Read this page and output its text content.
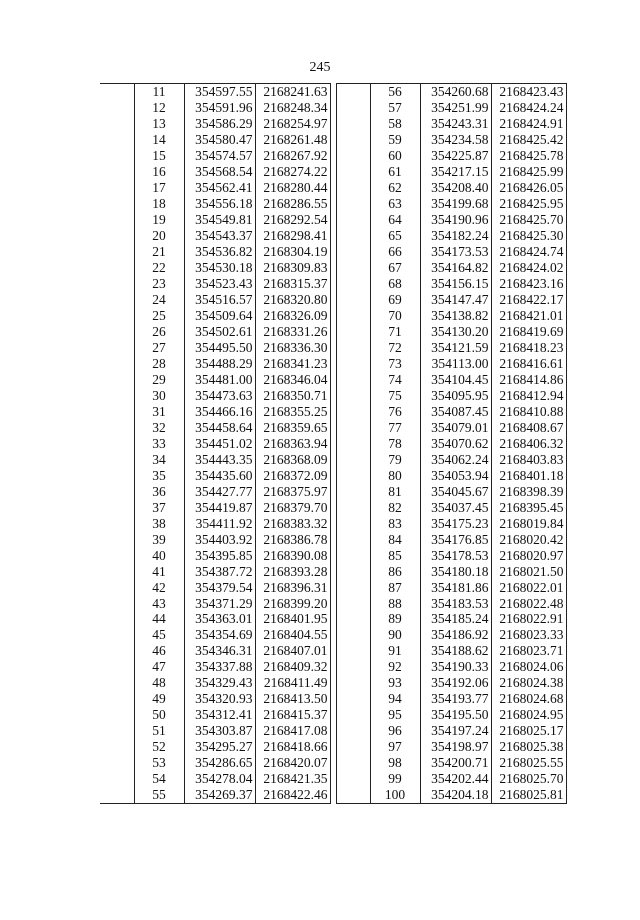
245
	11	354597.55	2168241.63			56	354260.68	2168423.43
	12	354591.96	2168248.34			57	354251.99	2168424.24
	13	354586.29	2168254.97			58	354243.31	2168424.91
	14	354580.47	2168261.48			59	354234.58	2168425.42
	15	354574.57	2168267.92			60	354225.87	2168425.78
	16	354568.54	2168274.22			61	354217.15	2168425.99
	17	354562.41	2168280.44			62	354208.40	2168426.05
	18	354556.18	2168286.55			63	354199.68	2168425.95
	19	354549.81	2168292.54			64	354190.96	2168425.70
	20	354543.37	2168298.41			65	354182.24	2168425.30
	21	354536.82	2168304.19			66	354173.53	2168424.74
	22	354530.18	2168309.83			67	354164.82	2168424.02
	23	354523.43	2168315.37			68	354156.15	2168423.16
	24	354516.57	2168320.80			69	354147.47	2168422.17
	25	354509.64	2168326.09			70	354138.82	2168421.01
	26	354502.61	2168331.26			71	354130.20	2168419.69
	27	354495.50	2168336.30			72	354121.59	2168418.23
	28	354488.29	2168341.23			73	354113.00	2168416.61
	29	354481.00	2168346.04			74	354104.45	2168414.86
	30	354473.63	2168350.71			75	354095.95	2168412.94
	31	354466.16	2168355.25			76	354087.45	2168410.88
	32	354458.64	2168359.65			77	354079.01	2168408.67
	33	354451.02	2168363.94			78	354070.62	2168406.32
	34	354443.35	2168368.09			79	354062.24	2168403.83
	35	354435.60	2168372.09			80	354053.94	2168401.18
	36	354427.77	2168375.97			81	354045.67	2168398.39
	37	354419.87	2168379.70			82	354037.45	2168395.45
	38	354411.92	2168383.32			83	354175.23	2168019.84
	39	354403.92	2168386.78			84	354176.85	2168020.42
	40	354395.85	2168390.08			85	354178.53	2168020.97
	41	354387.72	2168393.28			86	354180.18	2168021.50
	42	354379.54	2168396.31			87	354181.86	2168022.01
	43	354371.29	2168399.20			88	354183.53	2168022.48
	44	354363.01	2168401.95			89	354185.24	2168022.91
	45	354354.69	2168404.55			90	354186.92	2168023.33
	46	354346.31	2168407.01			91	354188.62	2168023.71
	47	354337.88	2168409.32			92	354190.33	2168024.06
	48	354329.43	2168411.49			93	354192.06	2168024.38
	49	354320.93	2168413.50			94	354193.77	2168024.68
	50	354312.41	2168415.37			95	354195.50	2168024.95
	51	354303.87	2168417.08			96	354197.24	2168025.17
	52	354295.27	2168418.66			97	354198.97	2168025.38
	53	354286.65	2168420.07			98	354200.71	2168025.55
	54	354278.04	2168421.35			99	354202.44	2168025.70
	55	354269.37	2168422.46			100	354204.18	2168025.81
